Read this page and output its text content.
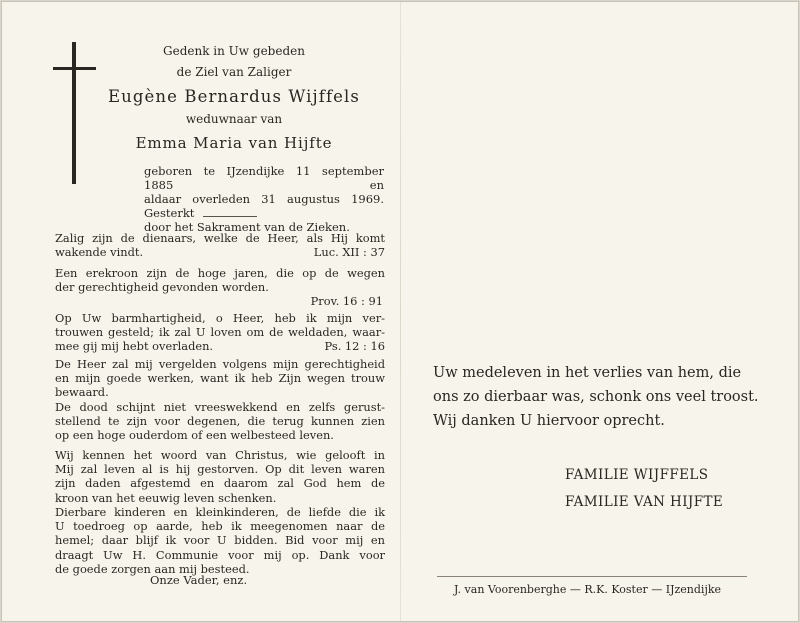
Gedenk in Uw gebeden
de Ziel van Zaliger
Eugène Bernardus Wijffels
weduwnaar van
Emma Maria van Hijfte
geboren te IJzendijke 11 september 1885 en
aldaar overleden 31 augustus 1969. Gesterkt
door het Sakrament van de Zieken.
Zalig zijn de dienaars, welke de Heer, als Hij komt
wakende vindt.	Luc. XII : 37
Een erekroon zijn de hoge jaren, die op de wegen
der gerechtigheid gevonden worden.
Prov. 16 : 91
Op Uw barmhartigheid, o Heer, heb ik mijn ver-
trouwen gesteld; ik zal U loven om de weldaden, waar-
mee gij mij hebt overladen.	Ps. 12 : 16
De Heer zal mij vergelden volgens mijn gerechtigheid
en mijn goede werken, want ik heb Zijn wegen trouw
bewaard.
De dood schijnt niet vreeswekkend en zelfs gerust-
stellend te zijn voor degenen, die terug kunnen zien
op een hoge ouderdom of een welbesteed leven.
Wij kennen het woord van Christus, wie gelooft in
Mij zal leven al is hij gestorven. Op dit leven waren
zijn daden afgestemd en daarom zal God hem de
kroon van het eeuwig leven schenken.
Dierbare kinderen en kleinkinderen, de liefde die ik
U toedroeg op aarde, heb ik meegenomen naar de
hemel; daar blijf ik voor U bidden. Bid voor mij en
draagt Uw H. Communie voor mij op. Dank voor
de goede zorgen aan mij besteed.
Onze Vader, enz.
Uw medeleven in het verlies van hem, die
ons zo dierbaar was, schonk ons veel troost.
Wij danken U hiervoor oprecht.
FAMILIE WIJFFELS
FAMILIE VAN HIJFTE
J. van Voorenberghe — R.K. Koster — IJzendijke
